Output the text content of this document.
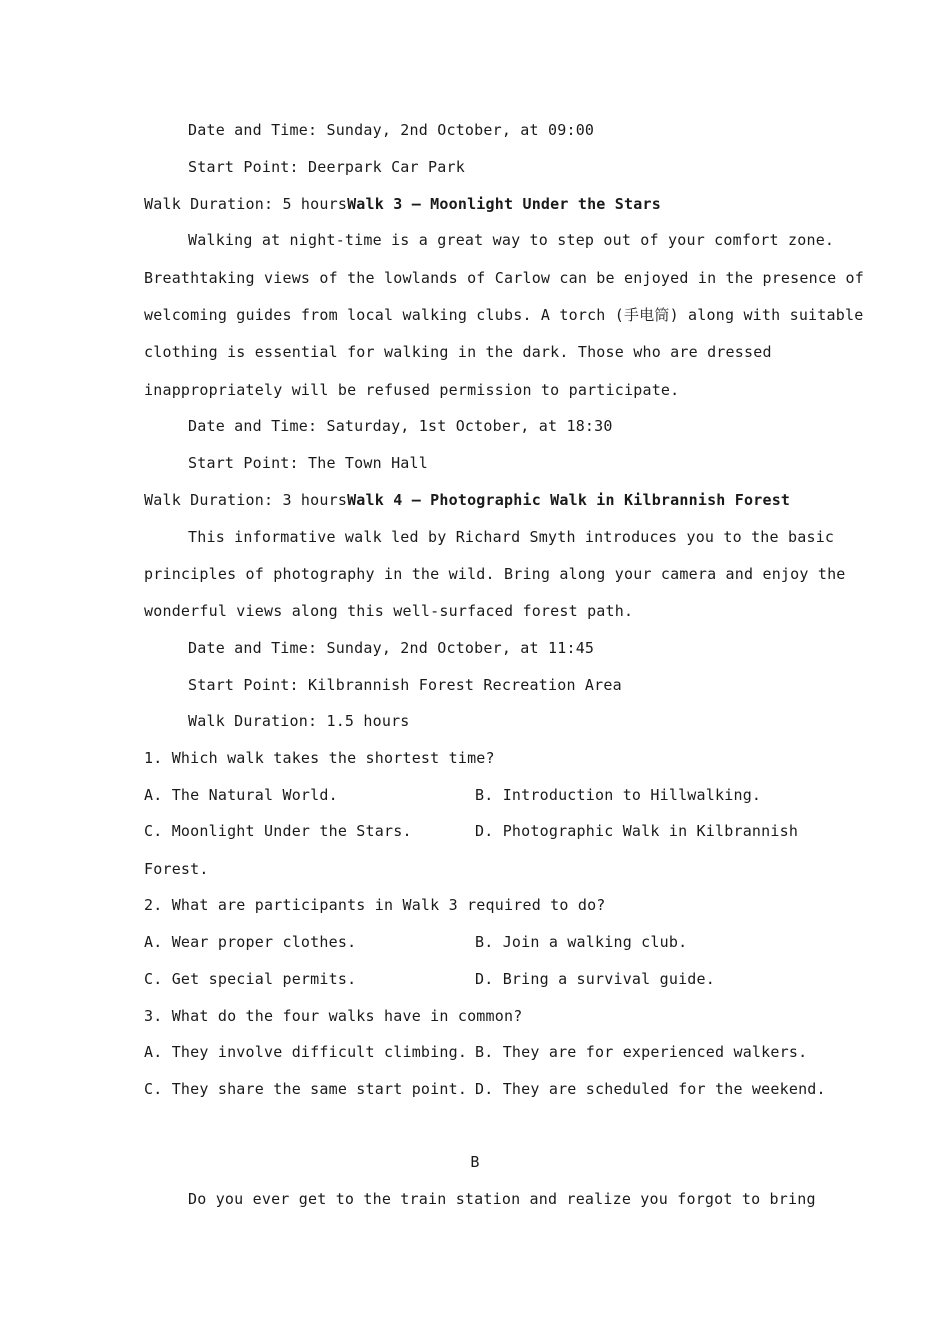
Date and Time: Sunday, 2nd October, at 09:00
Start Point: Deerpark Car Park
Walk Duration: 5 hoursWalk 3 — Moonlight Under the Stars
Walking at night-time is a great way to step out of your comfort zone.
Breathtaking views of the lowlands of Carlow can be enjoyed in the presence of
welcoming guides from local walking clubs. A torch (手电筒) along with suitable
clothing is essential for walking in the dark. Those who are dressed
inappropriately will be refused permission to participate.
Date and Time: Saturday, 1st October, at 18:30
Start Point: The Town Hall
Walk Duration: 3 hoursWalk 4 — Photographic Walk in Kilbrannish Forest
This informative walk led by Richard Smyth introduces you to the basic
principles of photography in the wild. Bring along your camera and enjoy the
wonderful views along this well-surfaced forest path.
Date and Time: Sunday, 2nd October, at 11:45
Start Point: Kilbrannish Forest Recreation Area
Walk Duration: 1.5 hours
1. Which walk takes the shortest time?
A. The Natural World.	B. Introduction to Hillwalking.
C. Moonlight Under the Stars.	D. Photographic Walk in Kilbrannish
Forest.
2. What are participants in Walk 3 required to do?
A. Wear proper clothes.	B. Join a walking club.
C. Get special permits.	D. Bring a survival guide.
3. What do the four walks have in common?
A. They involve difficult climbing. B. They are for experienced walkers.
C. They share the same start point. D. They are scheduled for the weekend.
B
Do you ever get to the train station and realize you forgot to bring
